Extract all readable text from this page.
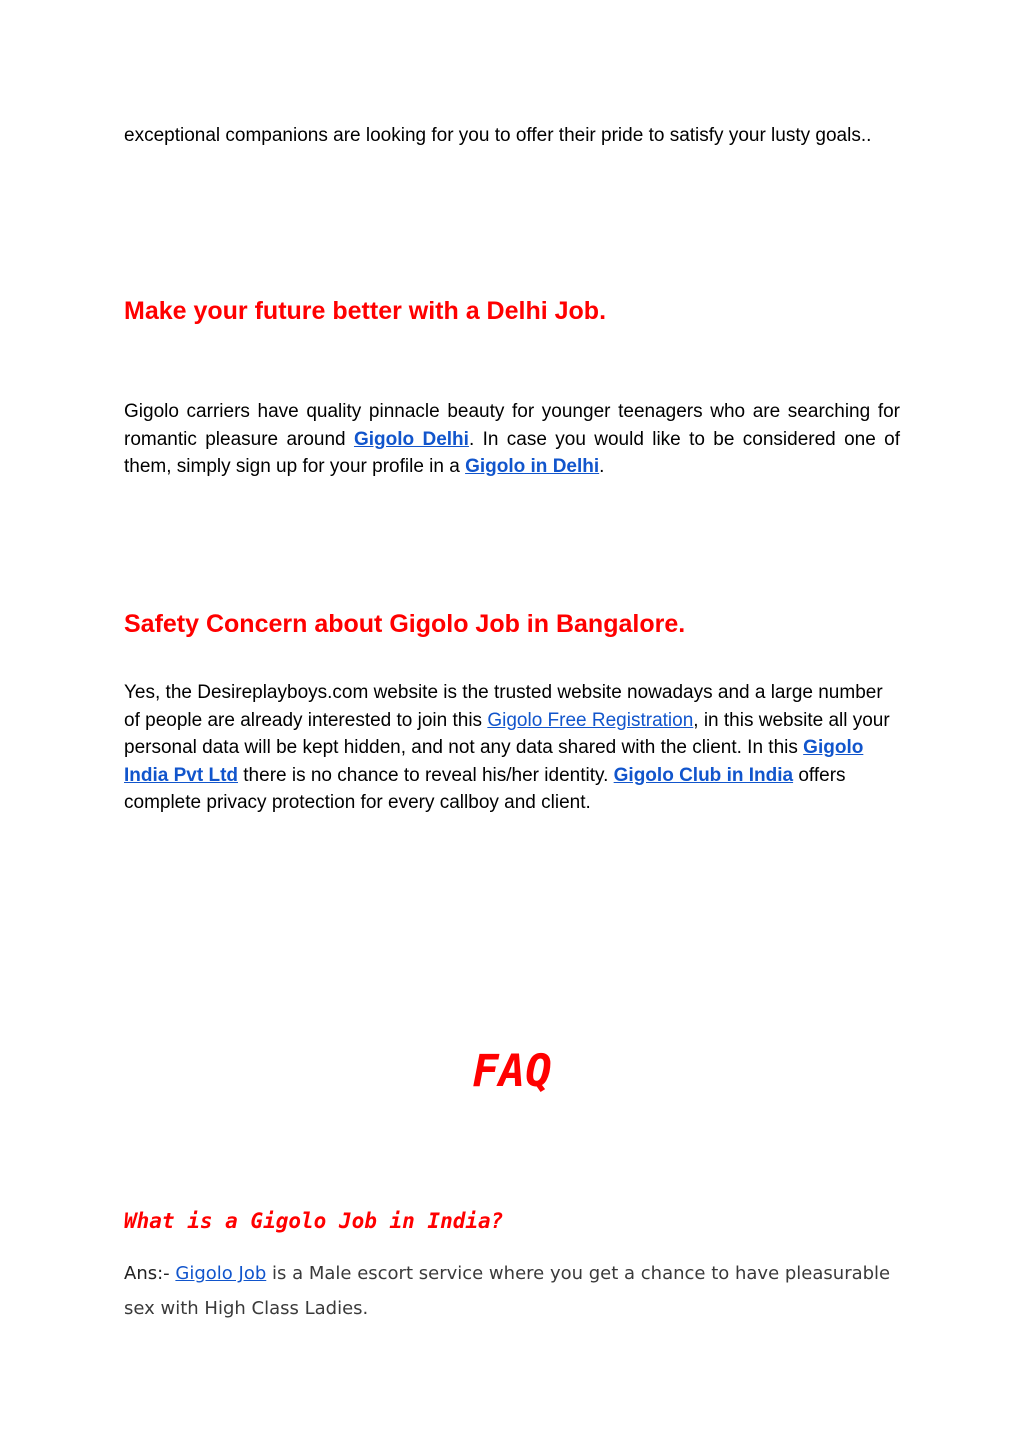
exceptional companions are looking for you to offer their pride to satisfy your lusty goals..

Make your future better with a Delhi Job.

Gigolo carriers have quality pinnacle beauty for younger teenagers who are searching for romantic pleasure around Gigolo Delhi. In case you would like to be considered one of them, simply sign up for your profile in a Gigolo in Delhi.

Safety Concern about Gigolo Job in Bangalore.

Yes, the Desireplayboys.com website is the trusted website nowadays and a large number of people are already interested to join this Gigolo Free Registration, in this website all your personal data will be kept hidden, and not any data shared with the client. In this Gigolo India Pvt Ltd there is no chance to reveal his/her identity. Gigolo Club in India offers complete privacy protection for every callboy and client.

FAQ
What is a Gigolo Job in India?

Ans:- Gigolo Job is a Male escort service where you get a chance to have pleasurable sex with High Class Ladies.
